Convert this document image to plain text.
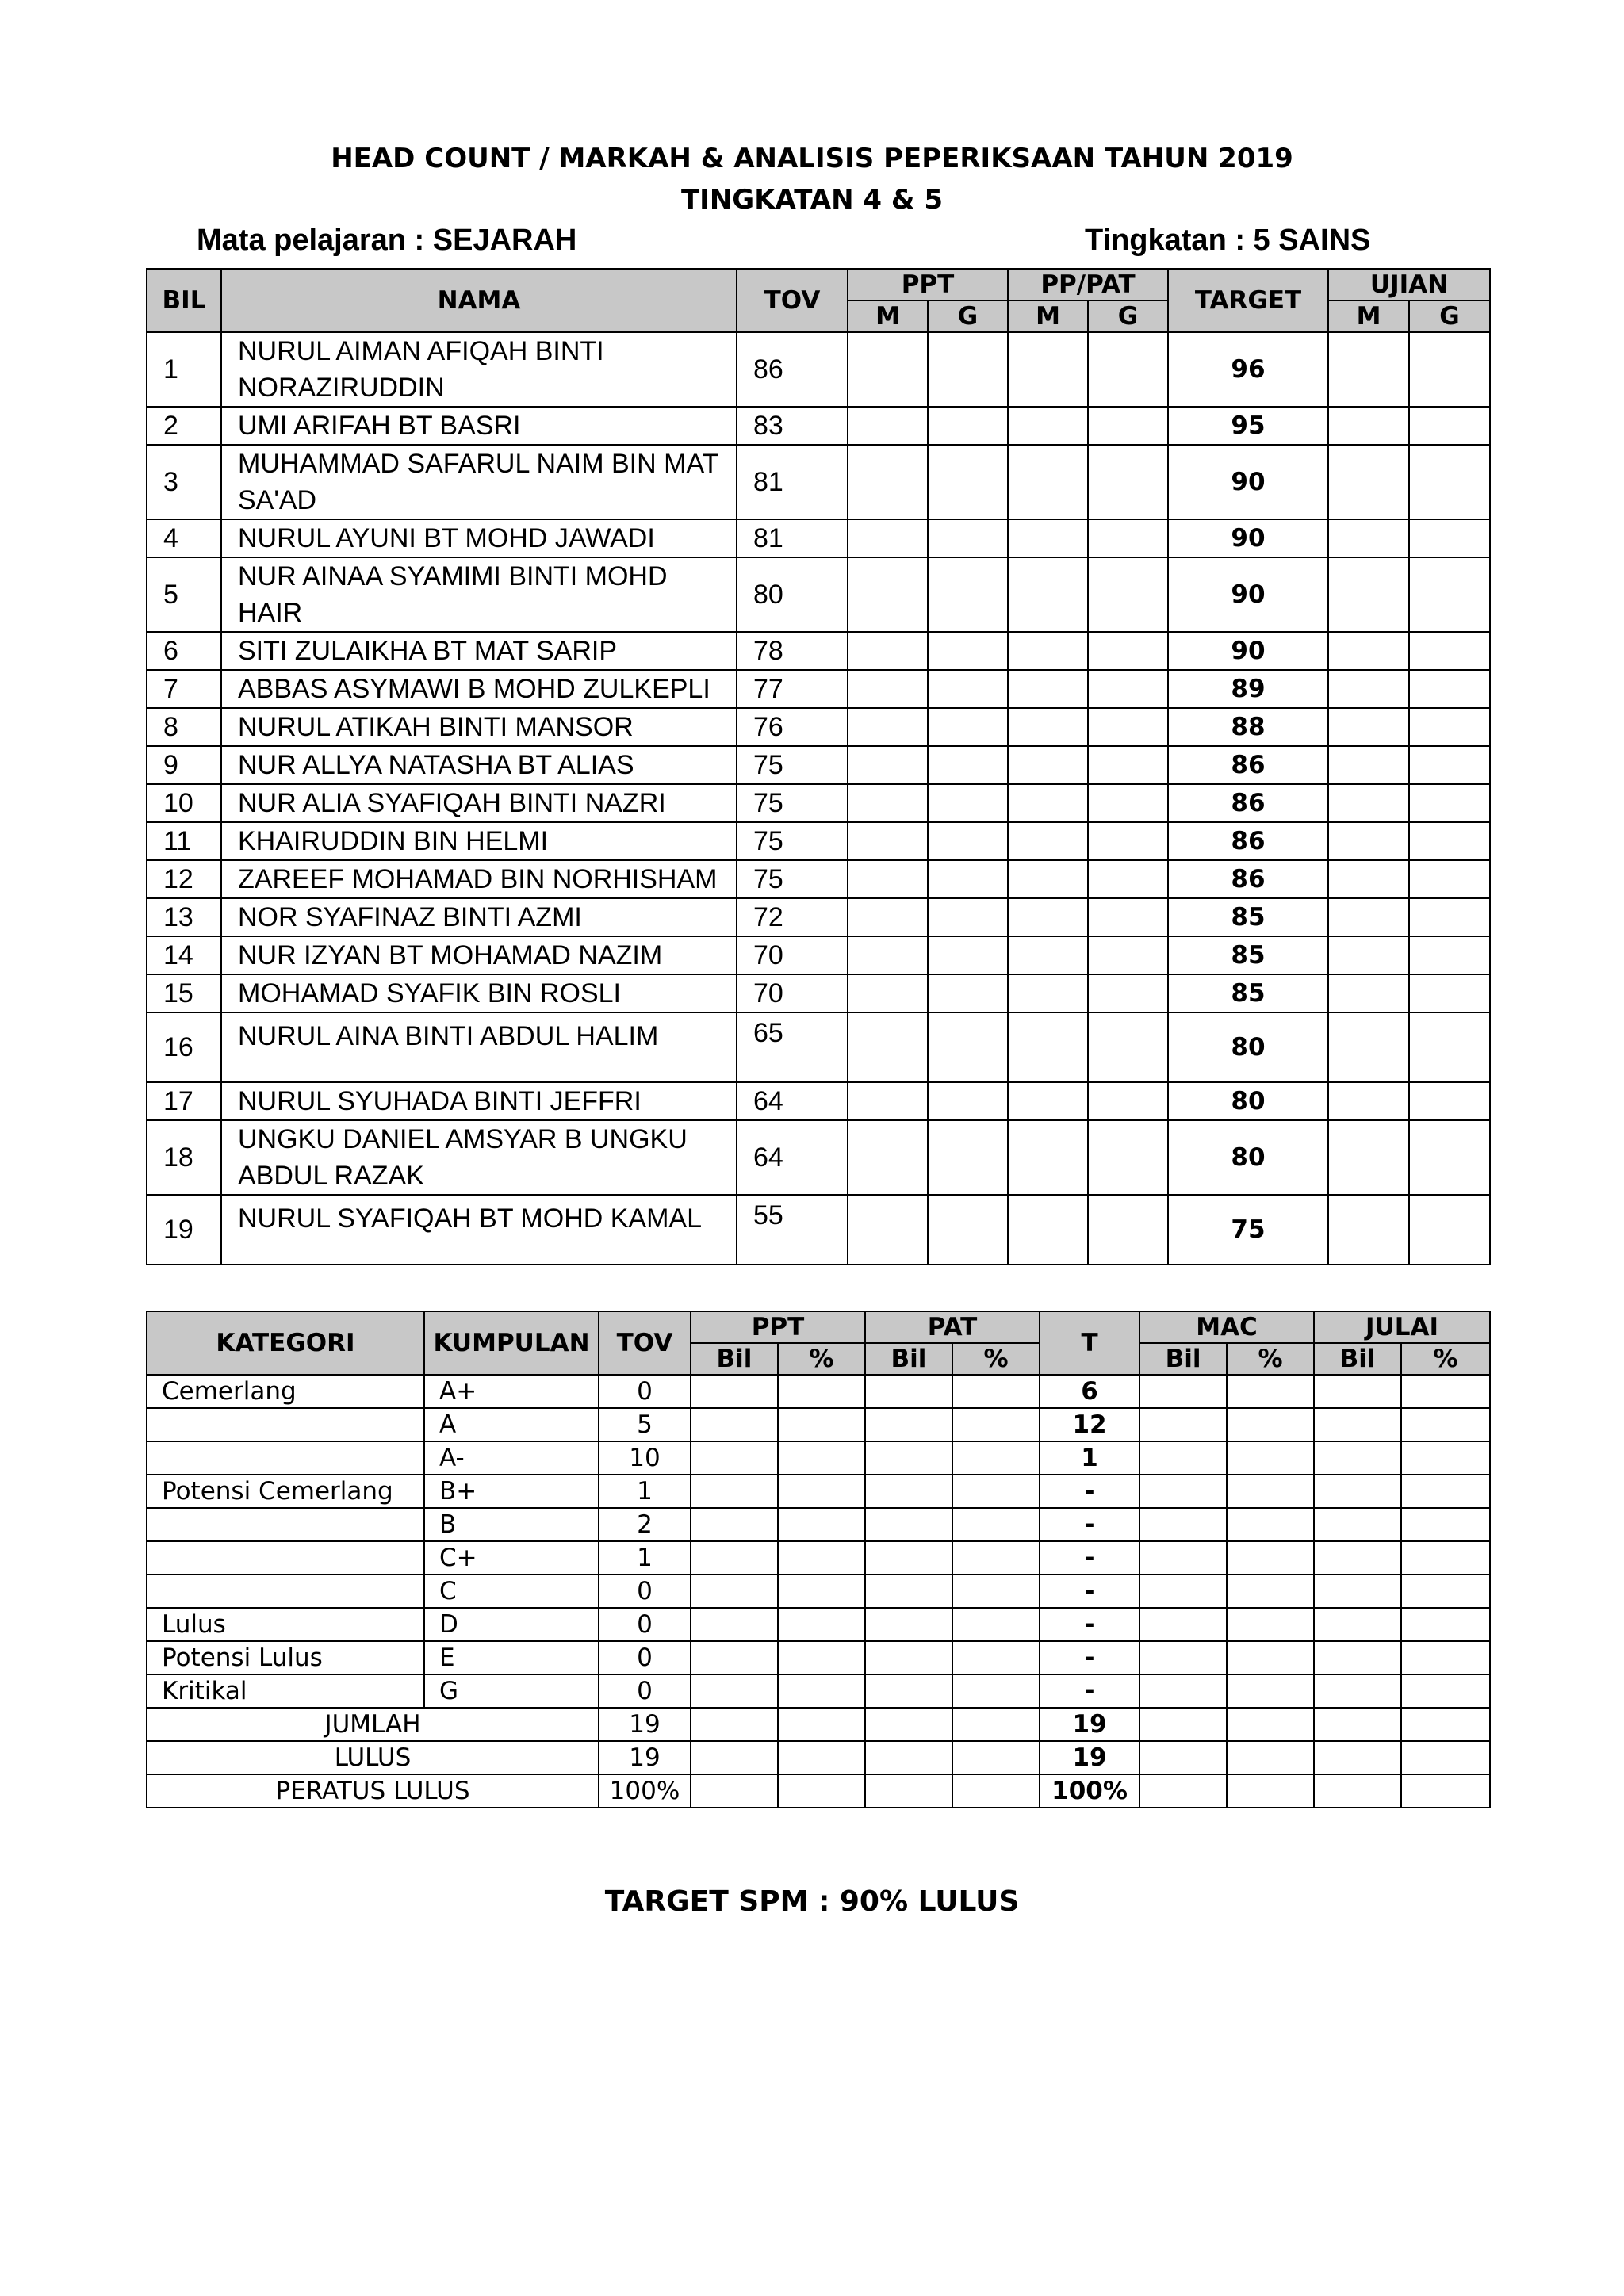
HEAD COUNT / MARKAH & ANALISIS PEPERIKSAAN TAHUN 2019
TINGKATAN 4 & 5
Mata pelajaran : SEJARAH	Tingkatan : 5 SAINS
BIL	NAMA	TOV	PPT		PP/PAT		TARGET	UJIAN	
			M	G	M	G		M	G
1	NURUL AIMAN AFIQAH BINTI NORAZIRUDDIN	86					96		
2	UMI ARIFAH BT BASRI	83					95		
3	MUHAMMAD SAFARUL NAIM BIN MAT SA'AD	81					90		
4	NURUL AYUNI BT MOHD JAWADI	81					90		
5	NUR AINAA SYAMIMI BINTI MOHD HAIR	80					90		
6	SITI ZULAIKHA BT MAT SARIP	78					90		
7	ABBAS ASYMAWI B MOHD ZULKEPLI	77					89		
8	NURUL ATIKAH BINTI MANSOR	76					88		
9	NUR ALLYA NATASHA BT ALIAS	75					86		
10	NUR ALIA SYAFIQAH BINTI NAZRI	75					86		
11	KHAIRUDDIN BIN HELMI	75					86		
12	ZAREEF MOHAMAD BIN NORHISHAM	75					86		
13	NOR SYAFINAZ BINTI AZMI	72					85		
14	NUR IZYAN BT MOHAMAD NAZIM	70					85		
15	MOHAMAD SYAFIK BIN ROSLI	70					85		
16	NURUL AINA BINTI ABDUL HALIM	65					80		
17	NURUL SYUHADA BINTI JEFFRI	64					80		
18	UNGKU DANIEL AMSYAR B UNGKU ABDUL RAZAK	64					80		
19	NURUL SYAFIQAH BT MOHD KAMAL	55					75		
KATEGORI	KUMPULAN	TOV	PPT		PAT		T	MAC		JULAI	
			Bil	%	Bil	%		Bil	%	Bil	%
Cemerlang	A+	0					6				
	A	5					12				
	A-	10					1				
Potensi Cemerlang	B+	1					-				
	B	2					-				
	C+	1					-				
	C	0					-				
Lulus	D	0					-				
Potensi Lulus	E	0					-				
Kritikal	G	0					-				
JUMLAH		19					19				
LULUS		19					19				
PERATUS LULUS		100%					100%				
TARGET SPM : 90% LULUS
